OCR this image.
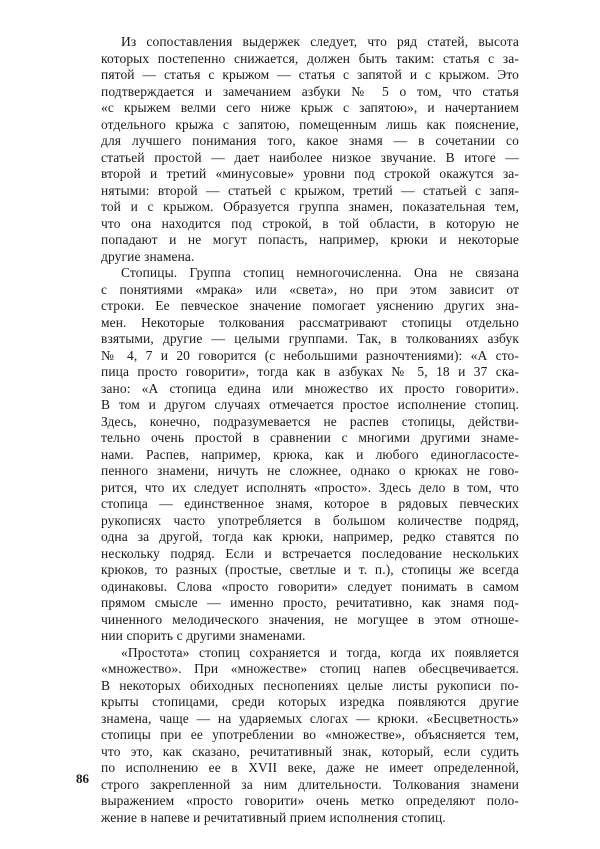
Из сопоставления выдержек следует, что ряд статей, высота
которых постепенно снижается, должен быть таким: статья с за-
пятой — статья с крыжом — статья с запятой и с крыжом. Это
подтверждается и замечанием азбуки № 5 о том, что статья
«с крыжем велми сего ниже крыж с запятою», и начертанием
отдельного крыжа с запятою, помещенным лишь как пояснение,
для лучшего понимания того, какое знамя — в сочетании со
статьей простой — дает наиболее низкое звучание. В итоге —
второй и третий «минусовые» уровни под строкой окажутся за-
нятыми: второй — статьей с крыжом, третий — статьей с запя-
той и с крыжом. Образуется группа знамен, показательная тем,
что она находится под строкой, в той области, в которую не
попадают и не могут попасть, например, крюки и некоторые
другие знамена.
Стопицы. Группа стопиц немногочисленна. Она не связана
с понятиями «мрака» или «света», но при этом зависит от
строки. Ее певческое значение помогает уяснению других зна-
мен. Некоторые толкования рассматривают стопицы отдельно
взятыми, другие — целыми группами. Так, в толкованиях азбук
№ 4, 7 и 20 говорится (с небольшими разночтениями): «А сто-
пица просто говорити», тогда как в азбуках № 5, 18 и 37 ска-
зано: «А стопица едина или множество их просто говорити».
В том и другом случаях отмечается простое исполнение стопиц.
Здесь, конечно, подразумевается не распев стопицы, действи-
тельно очень простой в сравнении с многими другими знаме-
нами. Распев, например, крюка, как и любого единогласосте-
пенного знамени, ничуть не сложнее, однако о крюках не гово-
рится, что их следует исполнять «просто». Здесь дело в том, что
стопица — единственное знамя, которое в рядовых певческих
рукописях часто употребляется в большом количестве подряд,
одна за другой, тогда как крюки, например, редко ставятся по
нескольку подряд. Если и встречается последование нескольких
крюков, то разных (простые, светлые и т. п.), стопицы же всегда
одинаковы. Слова «просто говорити» следует понимать в самом
прямом смысле — именно просто, речитативно, как знамя под-
чиненного мелодического значения, не могущее в этом отноше-
нии спорить с другими знаменами.
«Простота» стопиц сохраняется и тогда, когда их появляется
«множество». При «множестве» стопиц напев обесцвечивается.
В некоторых обиходных песнопениях целые листы рукописи по-
крыты стопицами, среди которых изредка появляются другие
знамена, чаще — на ударяемых слогах — крюки. «Бесцветность»
стопицы при ее употреблении во «множестве», объясняется тем,
что это, как сказано, речитативный знак, который, если судить
по исполнению ее в XVII веке, даже не имеет определенной,
строго закрепленной за ним длительности. Толкования знамени
выражением «просто говорити» очень метко определяют поло-
жение в напеве и речитативный прием исполнения стопиц.
86
